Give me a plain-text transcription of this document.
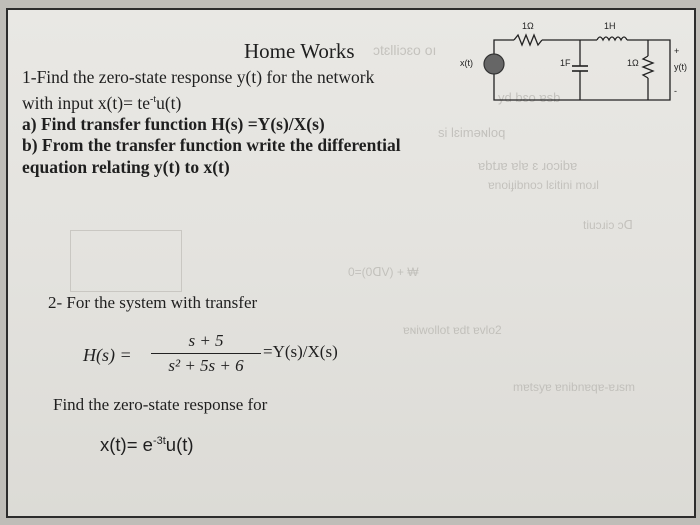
ɔtɛlliɔɛo oı
yd bɛo ɐsb
si lɛiməɴloq
ɐbtɹɐ ɐlɐ ɛ ɹoɔibɐ
ɐnoiɟibnoɔ lɛitini moɹl
tiuɔɹiɔ ɔᗡ
0=(0ᗡV) + ₩
ɐɴiwollot ɐdt ɐvlo2
mɐtsyɐ ɐnibnɐqɐ-ɐɹsm
Home Works
1-Find the zero-state response y(t) for the network
with input $x(t)= te^{-t}u(t)$
a) Find transfer function H(s) =Y(s)/X(s)
b) From the transfer function write the differential
equation relating y(t) to x(t)
1Ω	1H
x(t)	1F	1Ω	y(t)
+
-
2- For the system with transfer
H(s) =
s + 5
s² + 5s + 6
=Y(s)/X(s)
Find the zero-state response for
$x(t)= e^{-3t}u(t)$
